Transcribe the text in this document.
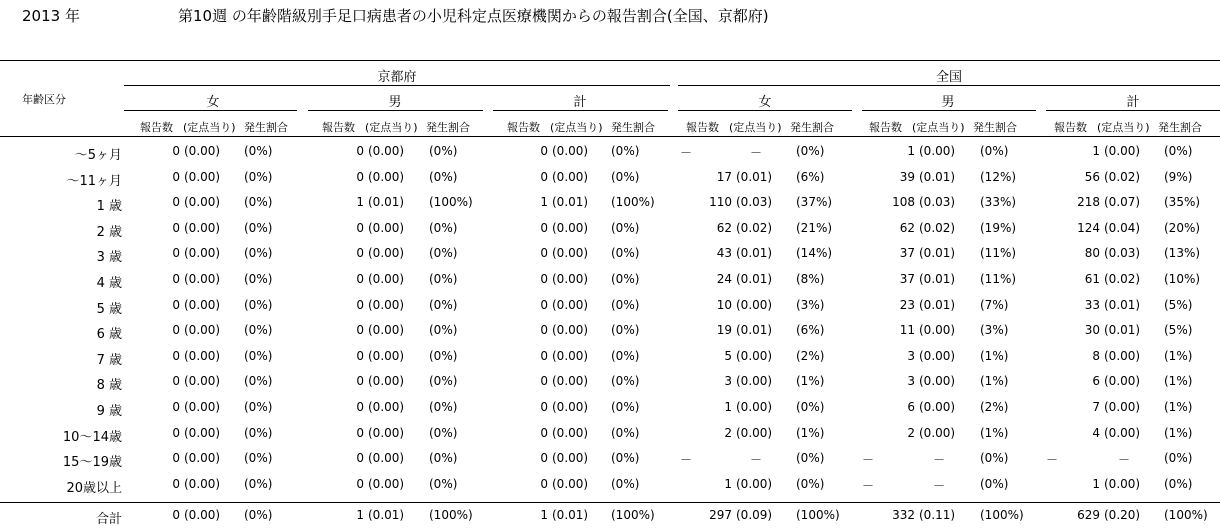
2013 年	第10週 の年齢階級別手足口病患者の小児科定点医療機関からの報告割合(全国、京都府)
年齢区分
京都府	全国
女	男	計	女	男	計
報告数 (定点当り) 発生割合	報告数 (定点当り) 発生割合	報告数 (定点当り) 発生割合	報告数 (定点当り) 発生割合	報告数 (定点当り) 発生割合	報告数 (定点当り) 発生割合
～5ヶ月	0 (0.00) (0%)	0 (0.00) (0%)	0 (0.00) (0%)	－	－	(0%)	1 (0.00) (0%)	1 (0.00) (0%)
～11ヶ月	0 (0.00) (0%)	0 (0.00) (0%)	0 (0.00) (0%)	17 (0.01) (6%)	39 (0.01) (12%)	56 (0.02) (9%)
1 歳	0 (0.00) (0%)	1 (0.01) (100%)	1 (0.01) (100%)	110 (0.03) (37%)	108 (0.03) (33%)	218 (0.07) (35%)
2 歳	0 (0.00) (0%)	0 (0.00) (0%)	0 (0.00) (0%)	62 (0.02) (21%)	62 (0.02) (19%)	124 (0.04) (20%)
3 歳	0 (0.00) (0%)	0 (0.00) (0%)	0 (0.00) (0%)	43 (0.01) (14%)	37 (0.01) (11%)	80 (0.03) (13%)
4 歳	0 (0.00) (0%)	0 (0.00) (0%)	0 (0.00) (0%)	24 (0.01) (8%)	37 (0.01) (11%)	61 (0.02) (10%)
5 歳	0 (0.00) (0%)	0 (0.00) (0%)	0 (0.00) (0%)	10 (0.00) (3%)	23 (0.01) (7%)	33 (0.01) (5%)
6 歳	0 (0.00) (0%)	0 (0.00) (0%)	0 (0.00) (0%)	19 (0.01) (6%)	11 (0.00) (3%)	30 (0.01) (5%)
7 歳	0 (0.00) (0%)	0 (0.00) (0%)	0 (0.00) (0%)	5 (0.00) (2%)	3 (0.00) (1%)	8 (0.00) (1%)
8 歳	0 (0.00) (0%)	0 (0.00) (0%)	0 (0.00) (0%)	3 (0.00) (1%)	3 (0.00) (1%)	6 (0.00) (1%)
9 歳	0 (0.00) (0%)	0 (0.00) (0%)	0 (0.00) (0%)	1 (0.00) (0%)	6 (0.00) (2%)	7 (0.00) (1%)
10～14歳	0 (0.00) (0%)	0 (0.00) (0%)	0 (0.00) (0%)	2 (0.00) (1%)	2 (0.00) (1%)	4 (0.00) (1%)
15～19歳	0 (0.00) (0%)	0 (0.00) (0%)	0 (0.00) (0%)	－	－	(0%)	－	－	(0%)	－	－	(0%)
20歳以上	0 (0.00) (0%)	0 (0.00) (0%)	0 (0.00) (0%)	1 (0.00) (0%)	－	－	(0%)	1 (0.00) (0%)
合計	0 (0.00) (0%)	1 (0.01) (100%)	1 (0.01) (100%)	297 (0.09) (100%)	332 (0.11) (100%)	629 (0.20) (100%)
